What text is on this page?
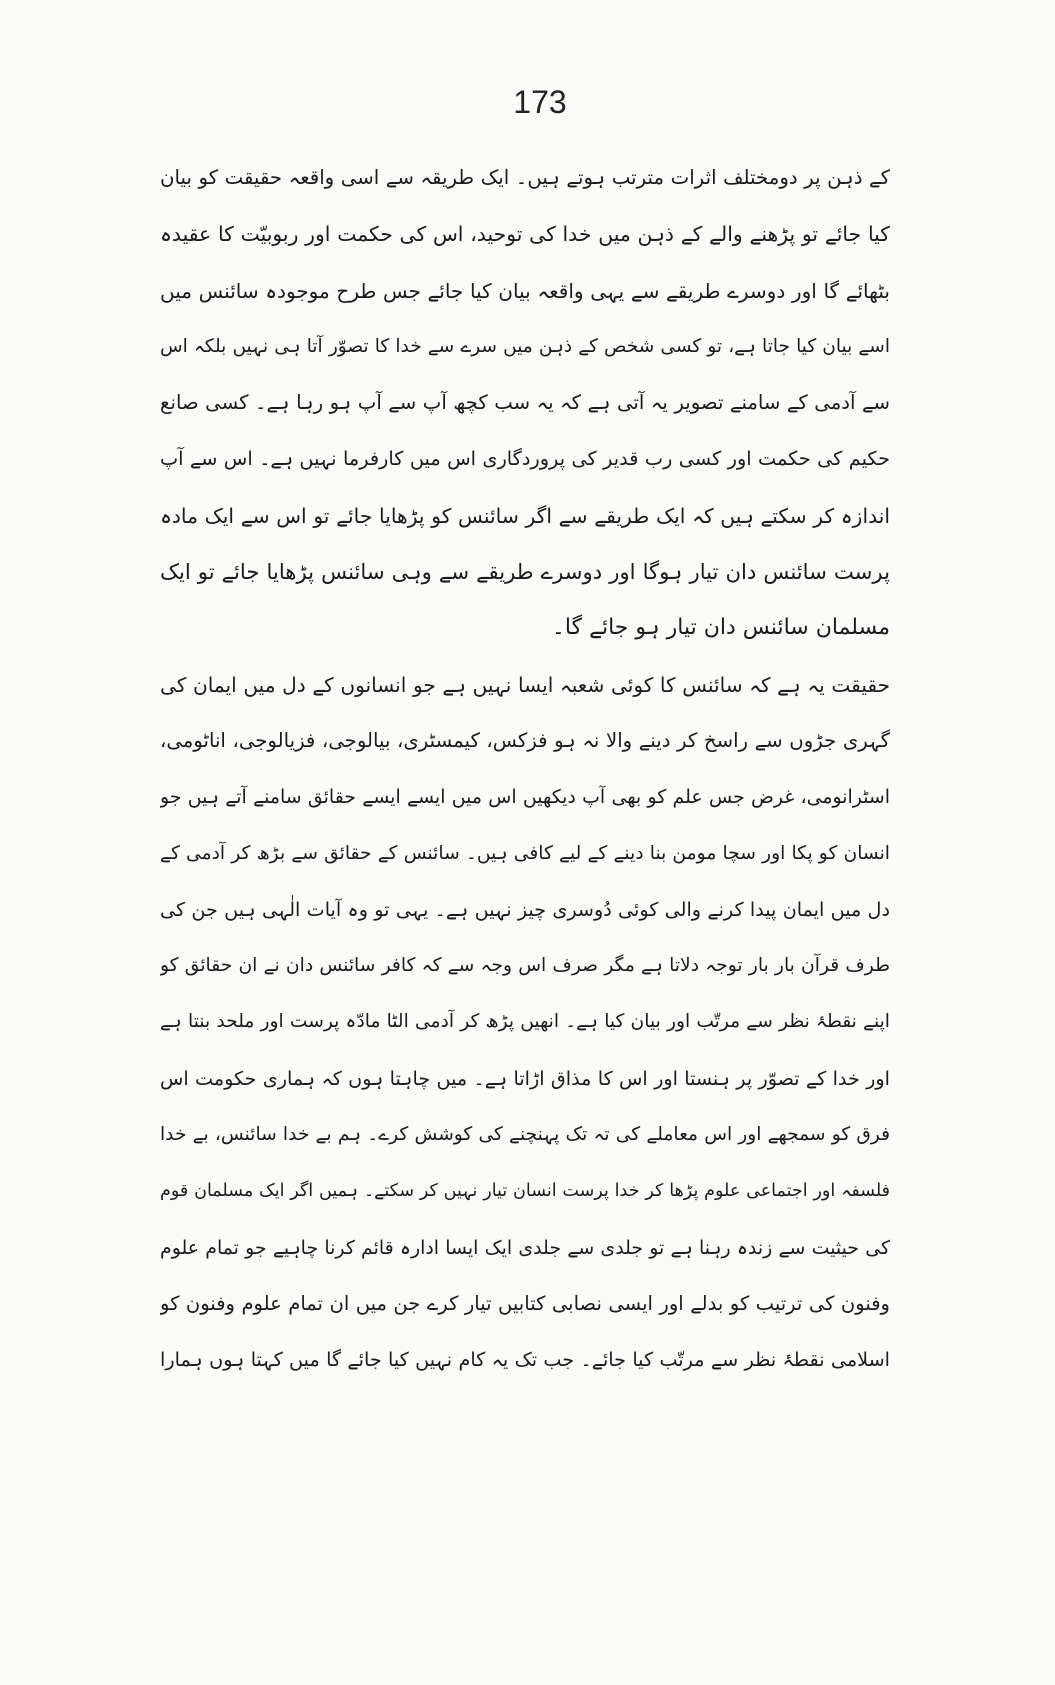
173
کے ذہن پر دومختلف اثرات مترتب ہوتے ہیں۔ ایک طریقہ سے اسی واقعہ حقیقت کو بیان
کیا جائے تو پڑھنے والے کے ذہن میں خدا کی توحید، اس کی حکمت اور ربوبیّت کا عقیدہ
بٹھائے گا اور دوسرے طریقے سے یہی واقعہ بیان کیا جائے جس طرح موجودہ سائنس میں
اسے بیان کیا جاتا ہے، تو کسی شخص کے ذہن میں سرے سے خدا کا تصوّر آتا ہی نہیں بلکہ اس
سے آدمی کے سامنے تصویر یہ آتی ہے کہ یہ سب کچھ آپ سے آپ ہو رہا ہے۔ کسی صانع
حکیم کی حکمت اور کسی رب قدیر کی پروردگاری اس میں کارفرما نہیں ہے۔ اس سے آپ
اندازہ کر سکتے ہیں کہ ایک طریقے سے اگر سائنس کو پڑھایا جائے تو اس سے ایک مادہ
پرست سائنس دان تیار ہوگا اور دوسرے طریقے سے وہی سائنس پڑھایا جائے تو ایک
مسلمان سائنس دان تیار ہو جائے گا۔
حقیقت یہ ہے کہ سائنس کا کوئی شعبہ ایسا نہیں ہے جو انسانوں کے دل میں ایمان کی
گہری جڑوں سے راسخ کر دینے والا نہ ہو فزکس، کیمسٹری، بیالوجی، فزیالوجی، اناٹومی،
اسٹرانومی، غرض جس علم کو بھی آپ دیکھیں اس میں ایسے ایسے حقائق سامنے آتے ہیں جو
انسان کو پکا اور سچا مومن بنا دینے کے لیے کافی ہیں۔ سائنس کے حقائق سے بڑھ کر آدمی کے
دل میں ایمان پیدا کرنے والی کوئی دُوسری چیز نہیں ہے۔ یہی تو وہ آیات الٰہی ہیں جن کی
طرف قرآن بار بار توجہ دلاتا ہے مگر صرف اس وجہ سے کہ کافر سائنس دان نے ان حقائق کو
اپنے نقطۂ نظر سے مرتّب اور بیان کیا ہے۔ انھیں پڑھ کر آدمی الٹا مادّہ پرست اور ملحد بنتا ہے
اور خدا کے تصوّر پر ہنستا اور اس کا مذاق اڑاتا ہے۔ میں چاہتا ہوں کہ ہماری حکومت اس
فرق کو سمجھے اور اس معاملے کی تہ تک پہنچنے کی کوشش کرے۔ ہم بے خدا سائنس، بے خدا
فلسفہ اور اجتماعی علوم پڑھا کر خدا پرست انسان تیار نہیں کر سکتے۔ ہمیں اگر ایک مسلمان قوم
کی حیثیت سے زندہ رہنا ہے تو جلدی سے جلدی ایک ایسا ادارہ قائم کرنا چاہیے جو تمام علوم
وفنون کی ترتیب کو بدلے اور ایسی نصابی کتابیں تیار کرے جن میں ان تمام علوم وفنون کو
اسلامی نقطۂ نظر سے مرتّب کیا جائے۔ جب تک یہ کام نہیں کیا جائے گا میں کہتا ہوں ہمارا
